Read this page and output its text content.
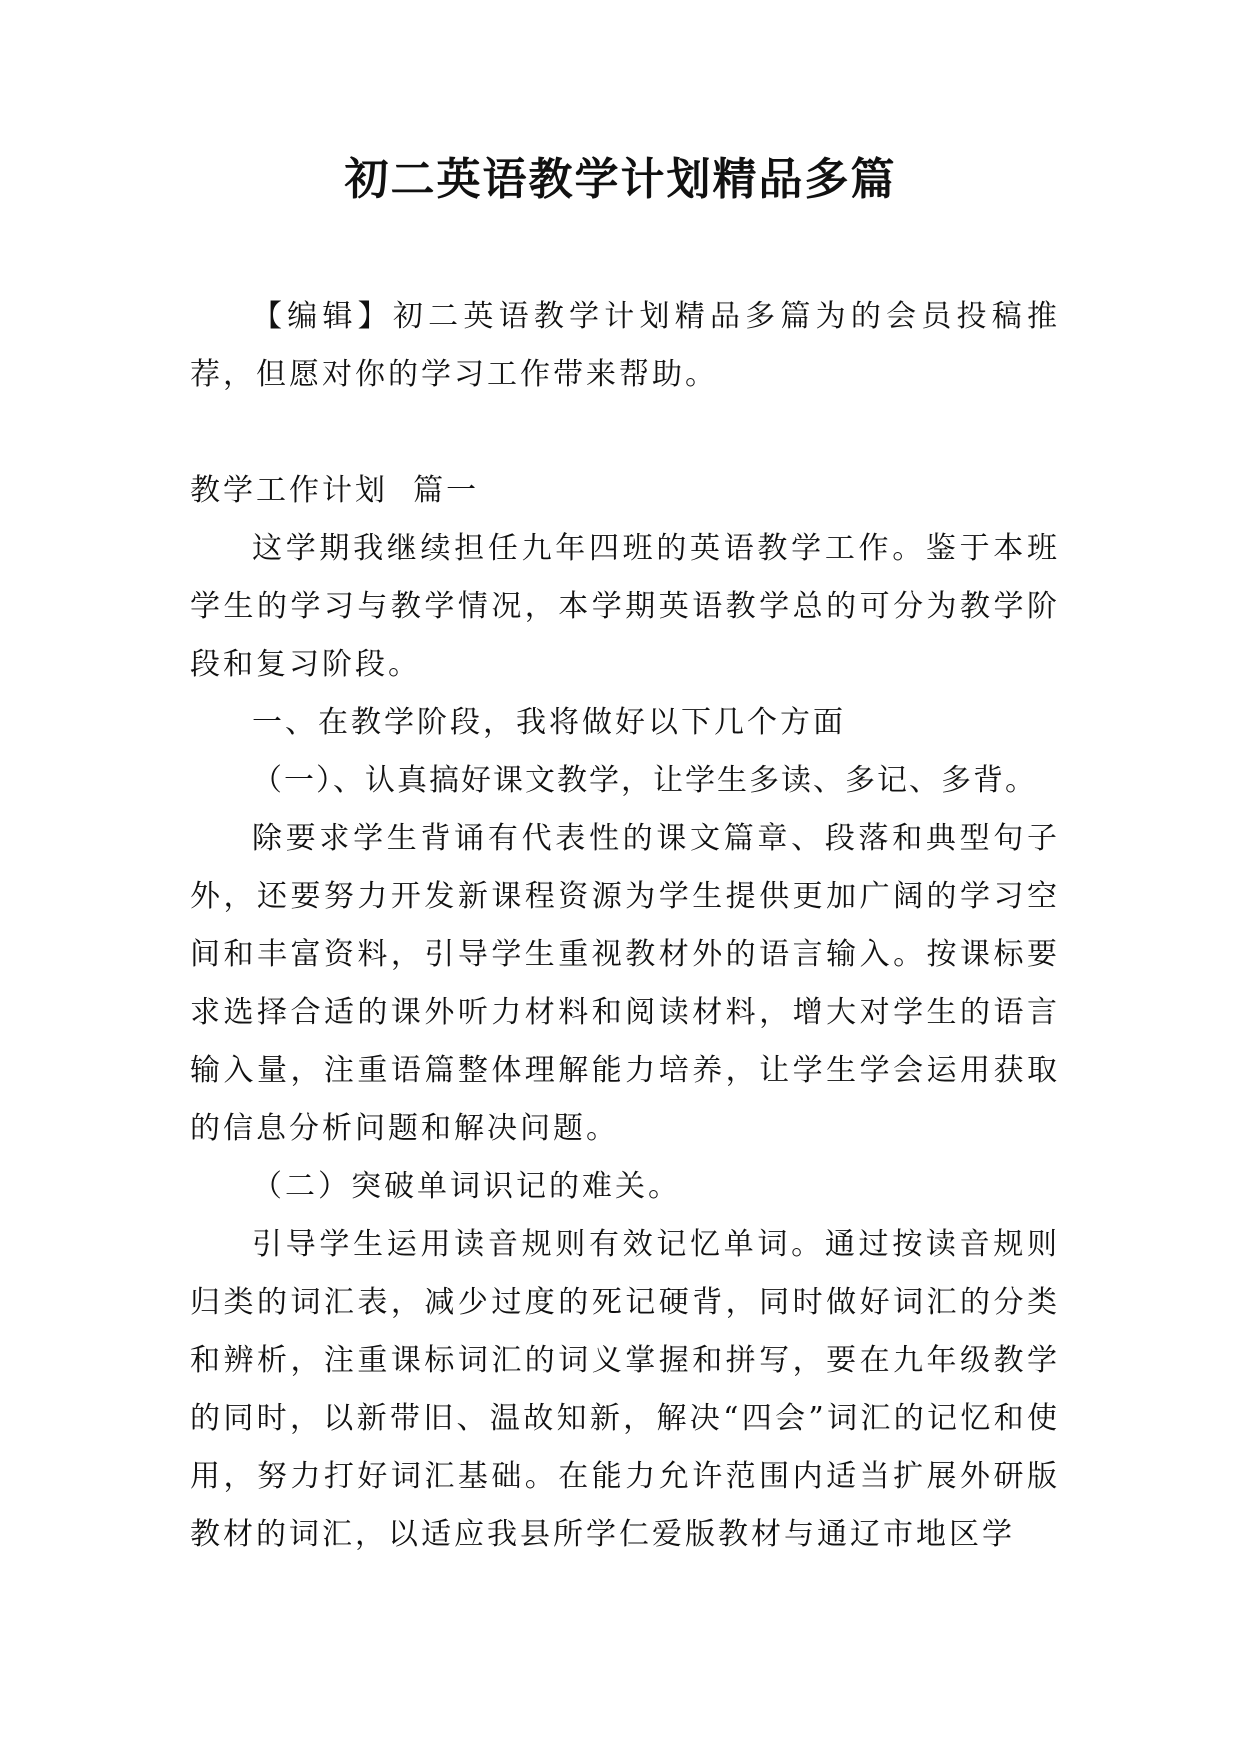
初二英语教学计划精品多篇

【编辑】初二英语教学计划精品多篇为的会员投稿推荐，但愿对你的学习工作带来帮助。

教学工作计划  篇一

这学期我继续担任九年四班的英语教学工作。鉴于本班学生的学习与教学情况，本学期英语教学总的可分为教学阶段和复习阶段。

一、在教学阶段，我将做好以下几个方面

（一）、认真搞好课文教学，让学生多读、多记、多背。

除要求学生背诵有代表性的课文篇章、段落和典型句子外，还要努力开发新课程资源为学生提供更加广阔的学习空间和丰富资料，引导学生重视教材外的语言输入。按课标要求选择合适的课外听力材料和阅读材料，增大对学生的语言输入量，注重语篇整体理解能力培养，让学生学会运用获取的信息分析问题和解决问题。

（二）突破单词识记的难关。

引导学生运用读音规则有效记忆单词。通过按读音规则归类的词汇表，减少过度的死记硬背，同时做好词汇的分类和辨析，注重课标词汇的词义掌握和拼写，要在九年级教学的同时，以新带旧、温故知新，解决“四会”词汇的记忆和使用，努力打好词汇基础。在能力允许范围内适当扩展外研版教材的词汇，以适应我县所学仁爱版教材与通辽市地区学
